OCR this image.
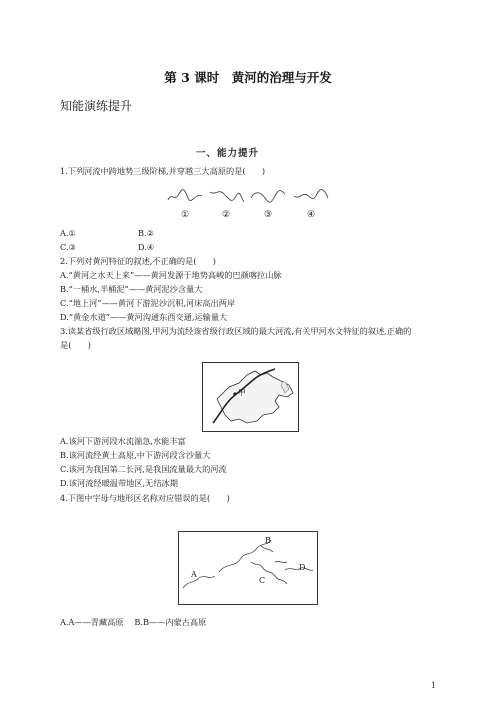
第 3 课时　黄河的治理与开发
知能演练提升
一、能力提升
1.下列河流中跨地势三级阶梯,并穿越三大高原的是(　　)
①	②	③	④
A.①	B.②
C.③	D.④
2.下列对黄河特征的叙述,不正确的是(　　)
A.“黄河之水天上来”——黄河发源于地势高峻的巴颜喀拉山脉
B.“一桶水,半桶泥”——黄河泥沙含量大
C.“地上河”——黄河下游泥沙沉积,河床高出两岸
D.“黄金水道”——黄河沟通东西交通,运输量大
3.读某省级行政区域略图,甲河为流经该省级行政区域的最大河流,有关甲河水文特征的叙述,正确的
是(　　)
甲
A.该河下游河段水流湍急,水能丰富
B.该河流经黄土高原,中下游河段含沙量大
C.该河为我国第二长河,是我国流量最大的河流
D.该河流经暖温带地区,无结冰期
4.下图中字母与地形区名称对应错误的是(　　)
A
B
C
D
A.A——青藏高原　 B.B——内蒙古高原
1
